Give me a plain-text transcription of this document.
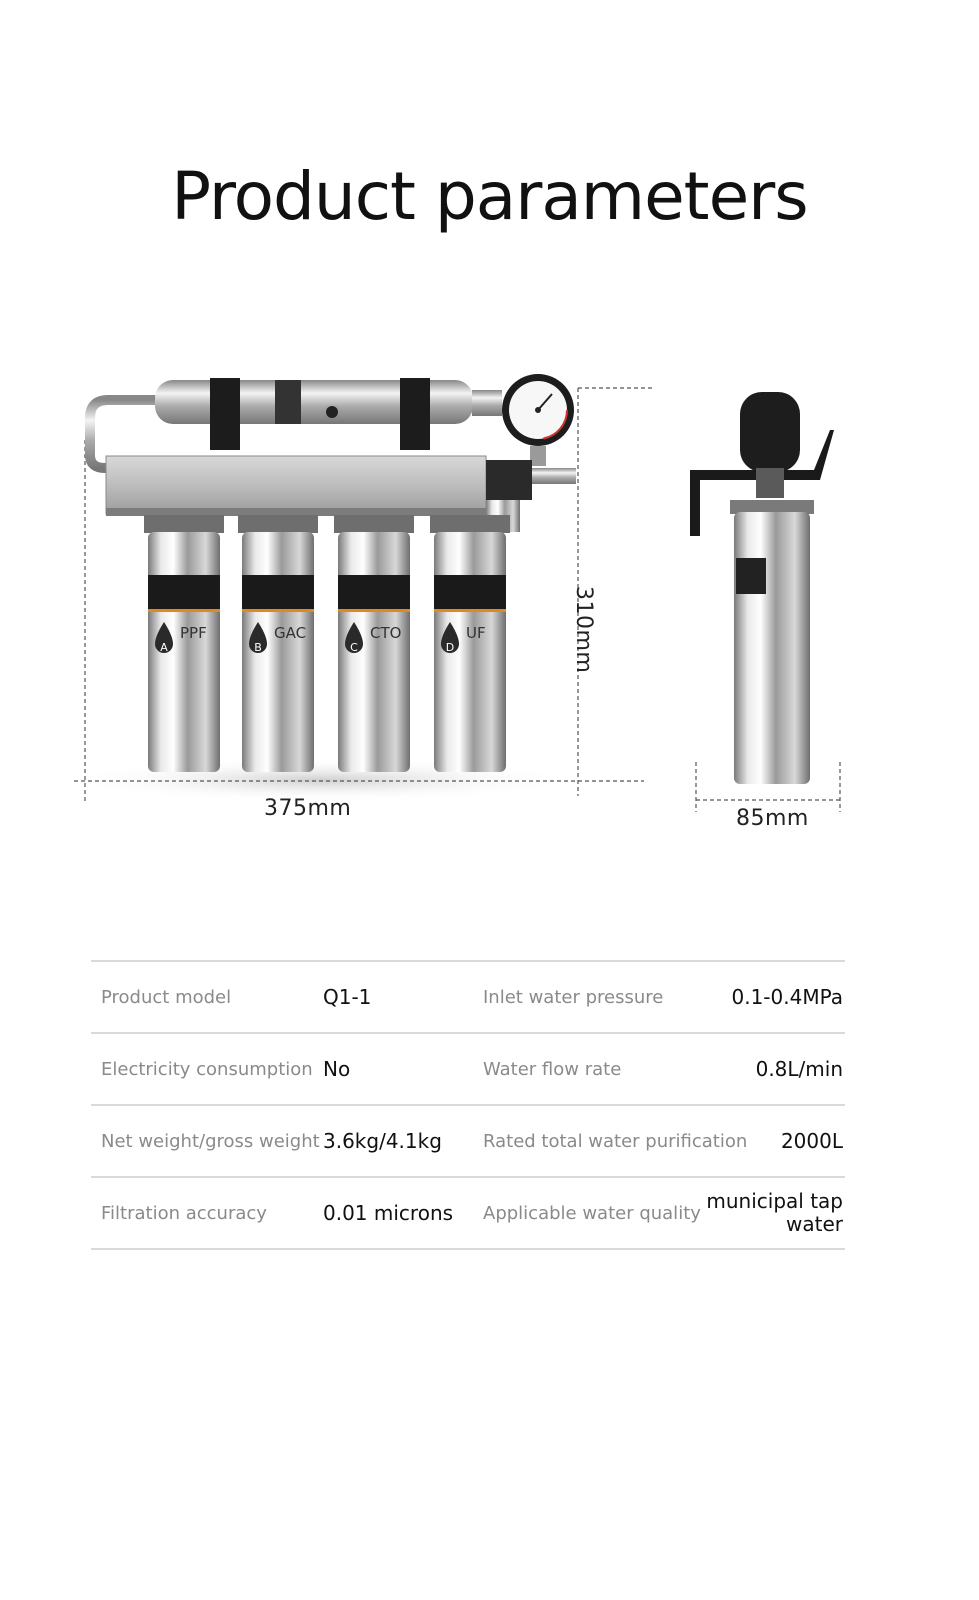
Product parameters
A
PPF
B
GAC
C
CTO
D
UF
375mm
310mm
85mm
Product model	Q1-1	Inlet water pressure	0.1-0.4MPa
Electricity consumption	No	Water flow rate	0.8L/min
Net weight/gross weight	3.6kg/4.1kg	Rated total water purification	2000L
Filtration accuracy	0.01 microns	Applicable water quality	municipal tap water
